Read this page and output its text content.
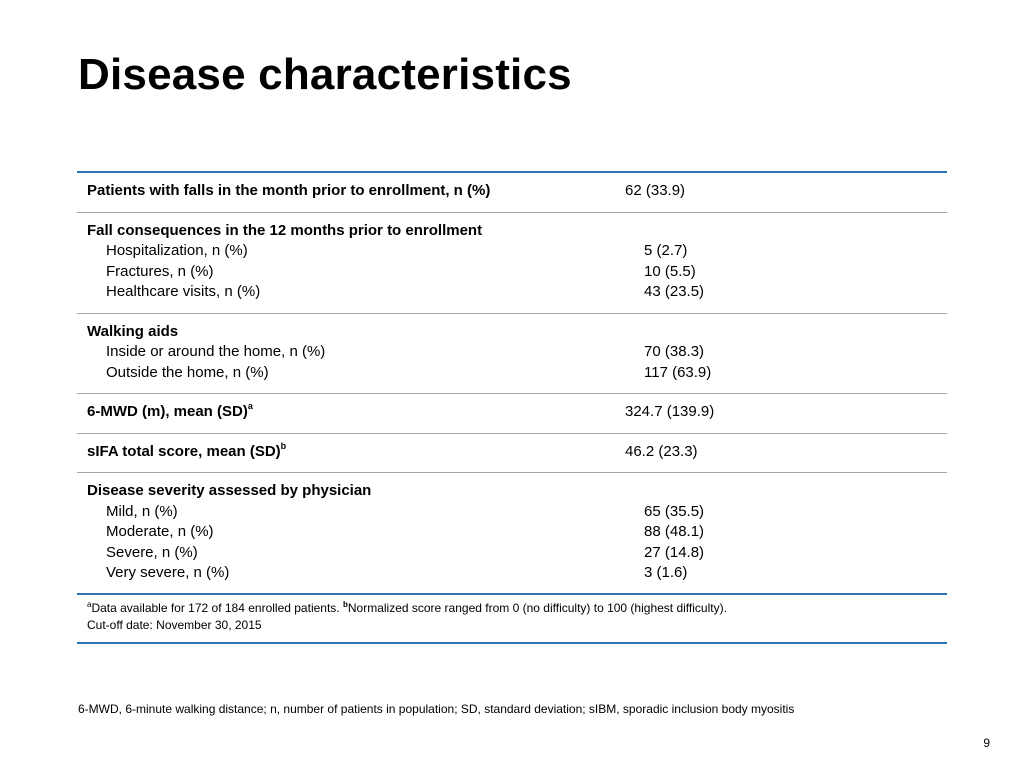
Disease characteristics
Patients with falls in the month prior to enrollment, n (%)	62 (33.9)
Fall consequences in the 12 months prior to enrollment
Hospitalization, n (%)	5 (2.7)
Fractures, n (%)	10 (5.5)
Healthcare visits, n (%)	43 (23.5)
Walking aids
Inside or around the home, n (%)	70 (38.3)
Outside the home, n (%)	117 (63.9)
6-MWD (m), mean (SD)$^a$	324.7 (139.9)
sIFA total score, mean (SD)$^b$	46.2 (23.3)
Disease severity assessed by physician
Mild, n (%)	65 (35.5)
Moderate, n (%)	88 (48.1)
Severe, n (%)	27 (14.8)
Very severe, n (%)	3 (1.6)
$^a$Data available for 172 of 184 enrolled patients. $^b$Normalized score ranged from 0 (no difficulty) to 100 (highest difficulty).
Cut-off date: November 30, 2015
6-MWD, 6-minute walking distance; n, number of patients in population; SD, standard deviation; sIBM, sporadic inclusion body myositis
9
